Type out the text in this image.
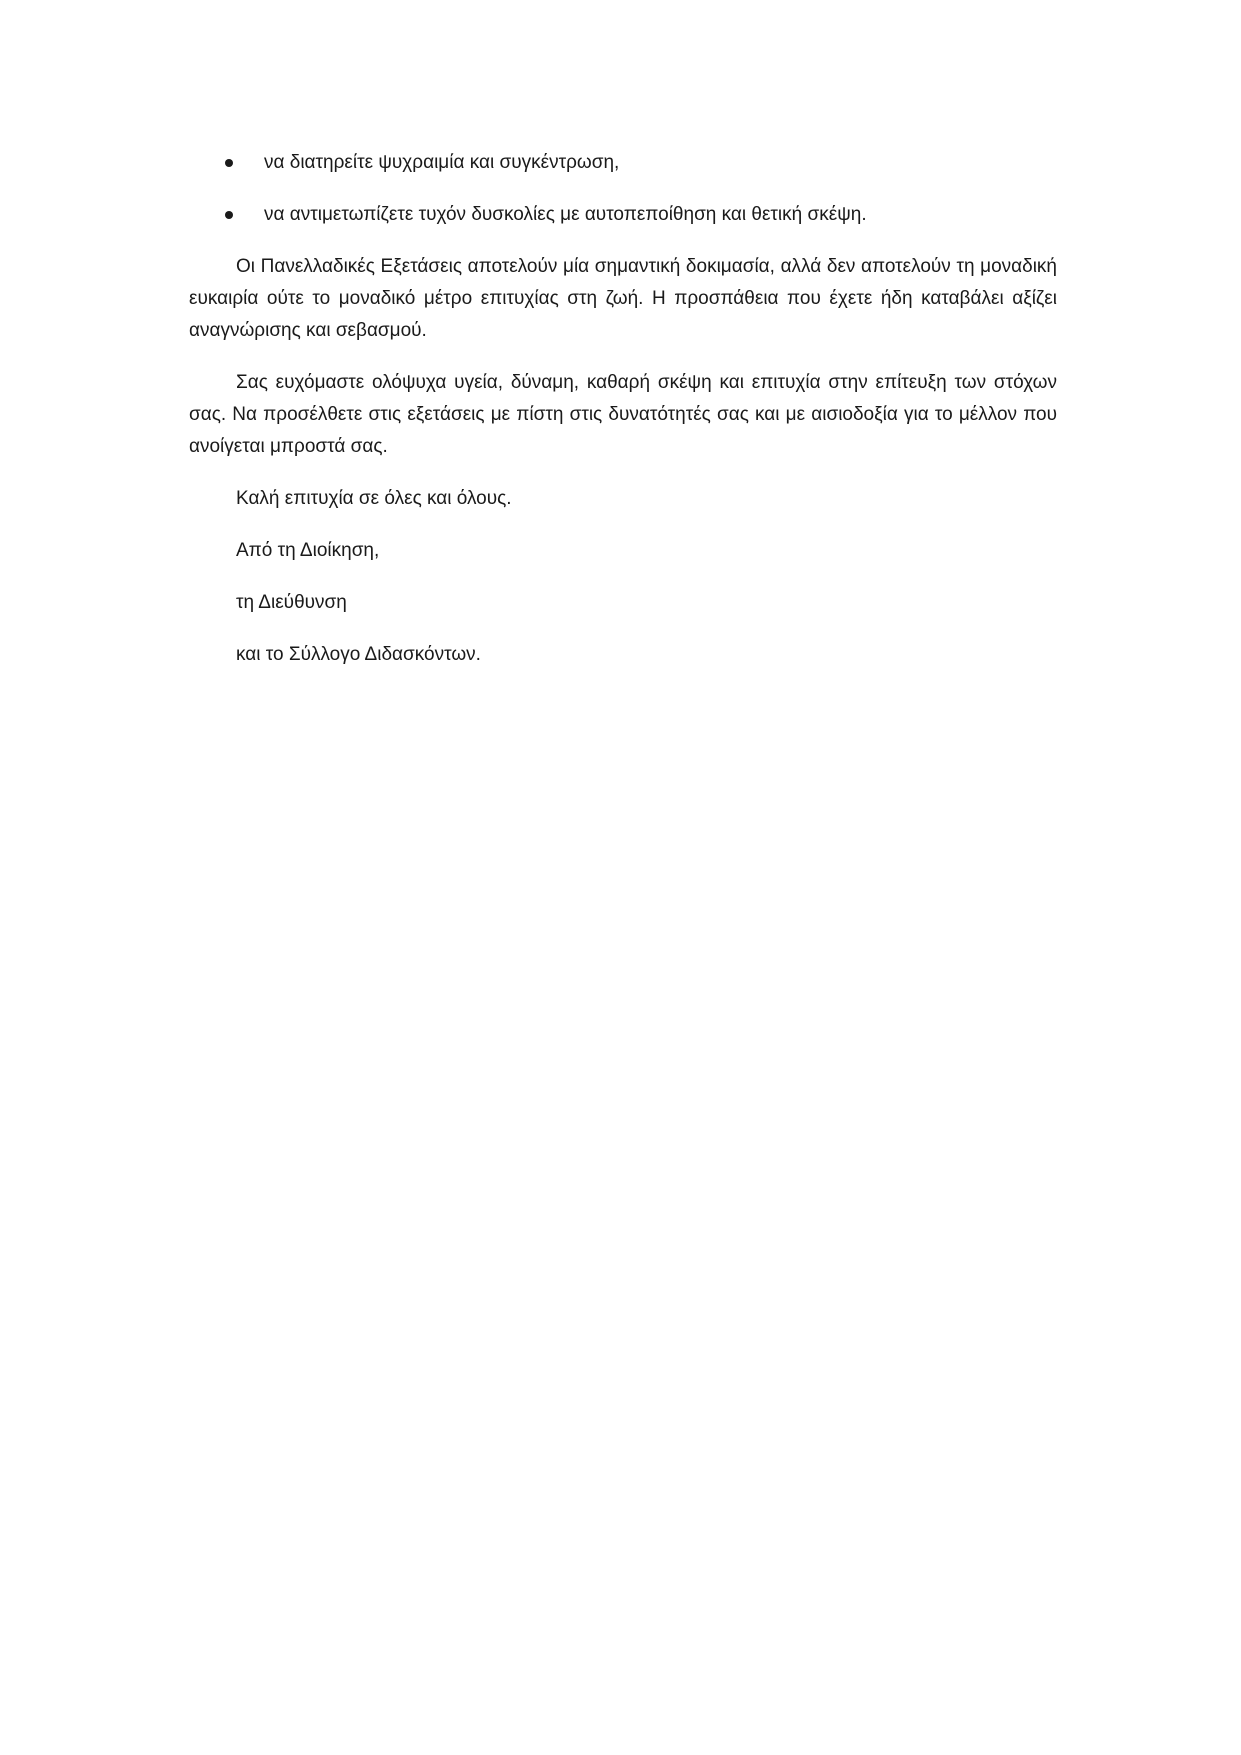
να διατηρείτε ψυχραιμία και συγκέντρωση,
να αντιμετωπίζετε τυχόν δυσκολίες με αυτοπεποίθηση και θετική σκέψη.

Οι Πανελλαδικές Εξετάσεις αποτελούν μία σημαντική δοκιμασία, αλλά δεν αποτελούν τη μοναδική ευκαιρία ούτε το μοναδικό μέτρο επιτυχίας στη ζωή. Η προσπάθεια που έχετε ήδη καταβάλει αξίζει αναγνώρισης και σεβασμού.

Σας ευχόμαστε ολόψυχα υγεία, δύναμη, καθαρή σκέψη και επιτυχία στην επίτευξη των στόχων σας. Να προσέλθετε στις εξετάσεις με πίστη στις δυνατότητές σας και με αισιοδοξία για το μέλλον που ανοίγεται μπροστά σας.

Καλή επιτυχία σε όλες και όλους.

Από τη Διοίκηση,

τη Διεύθυνση

και το Σύλλογο Διδασκόντων.
